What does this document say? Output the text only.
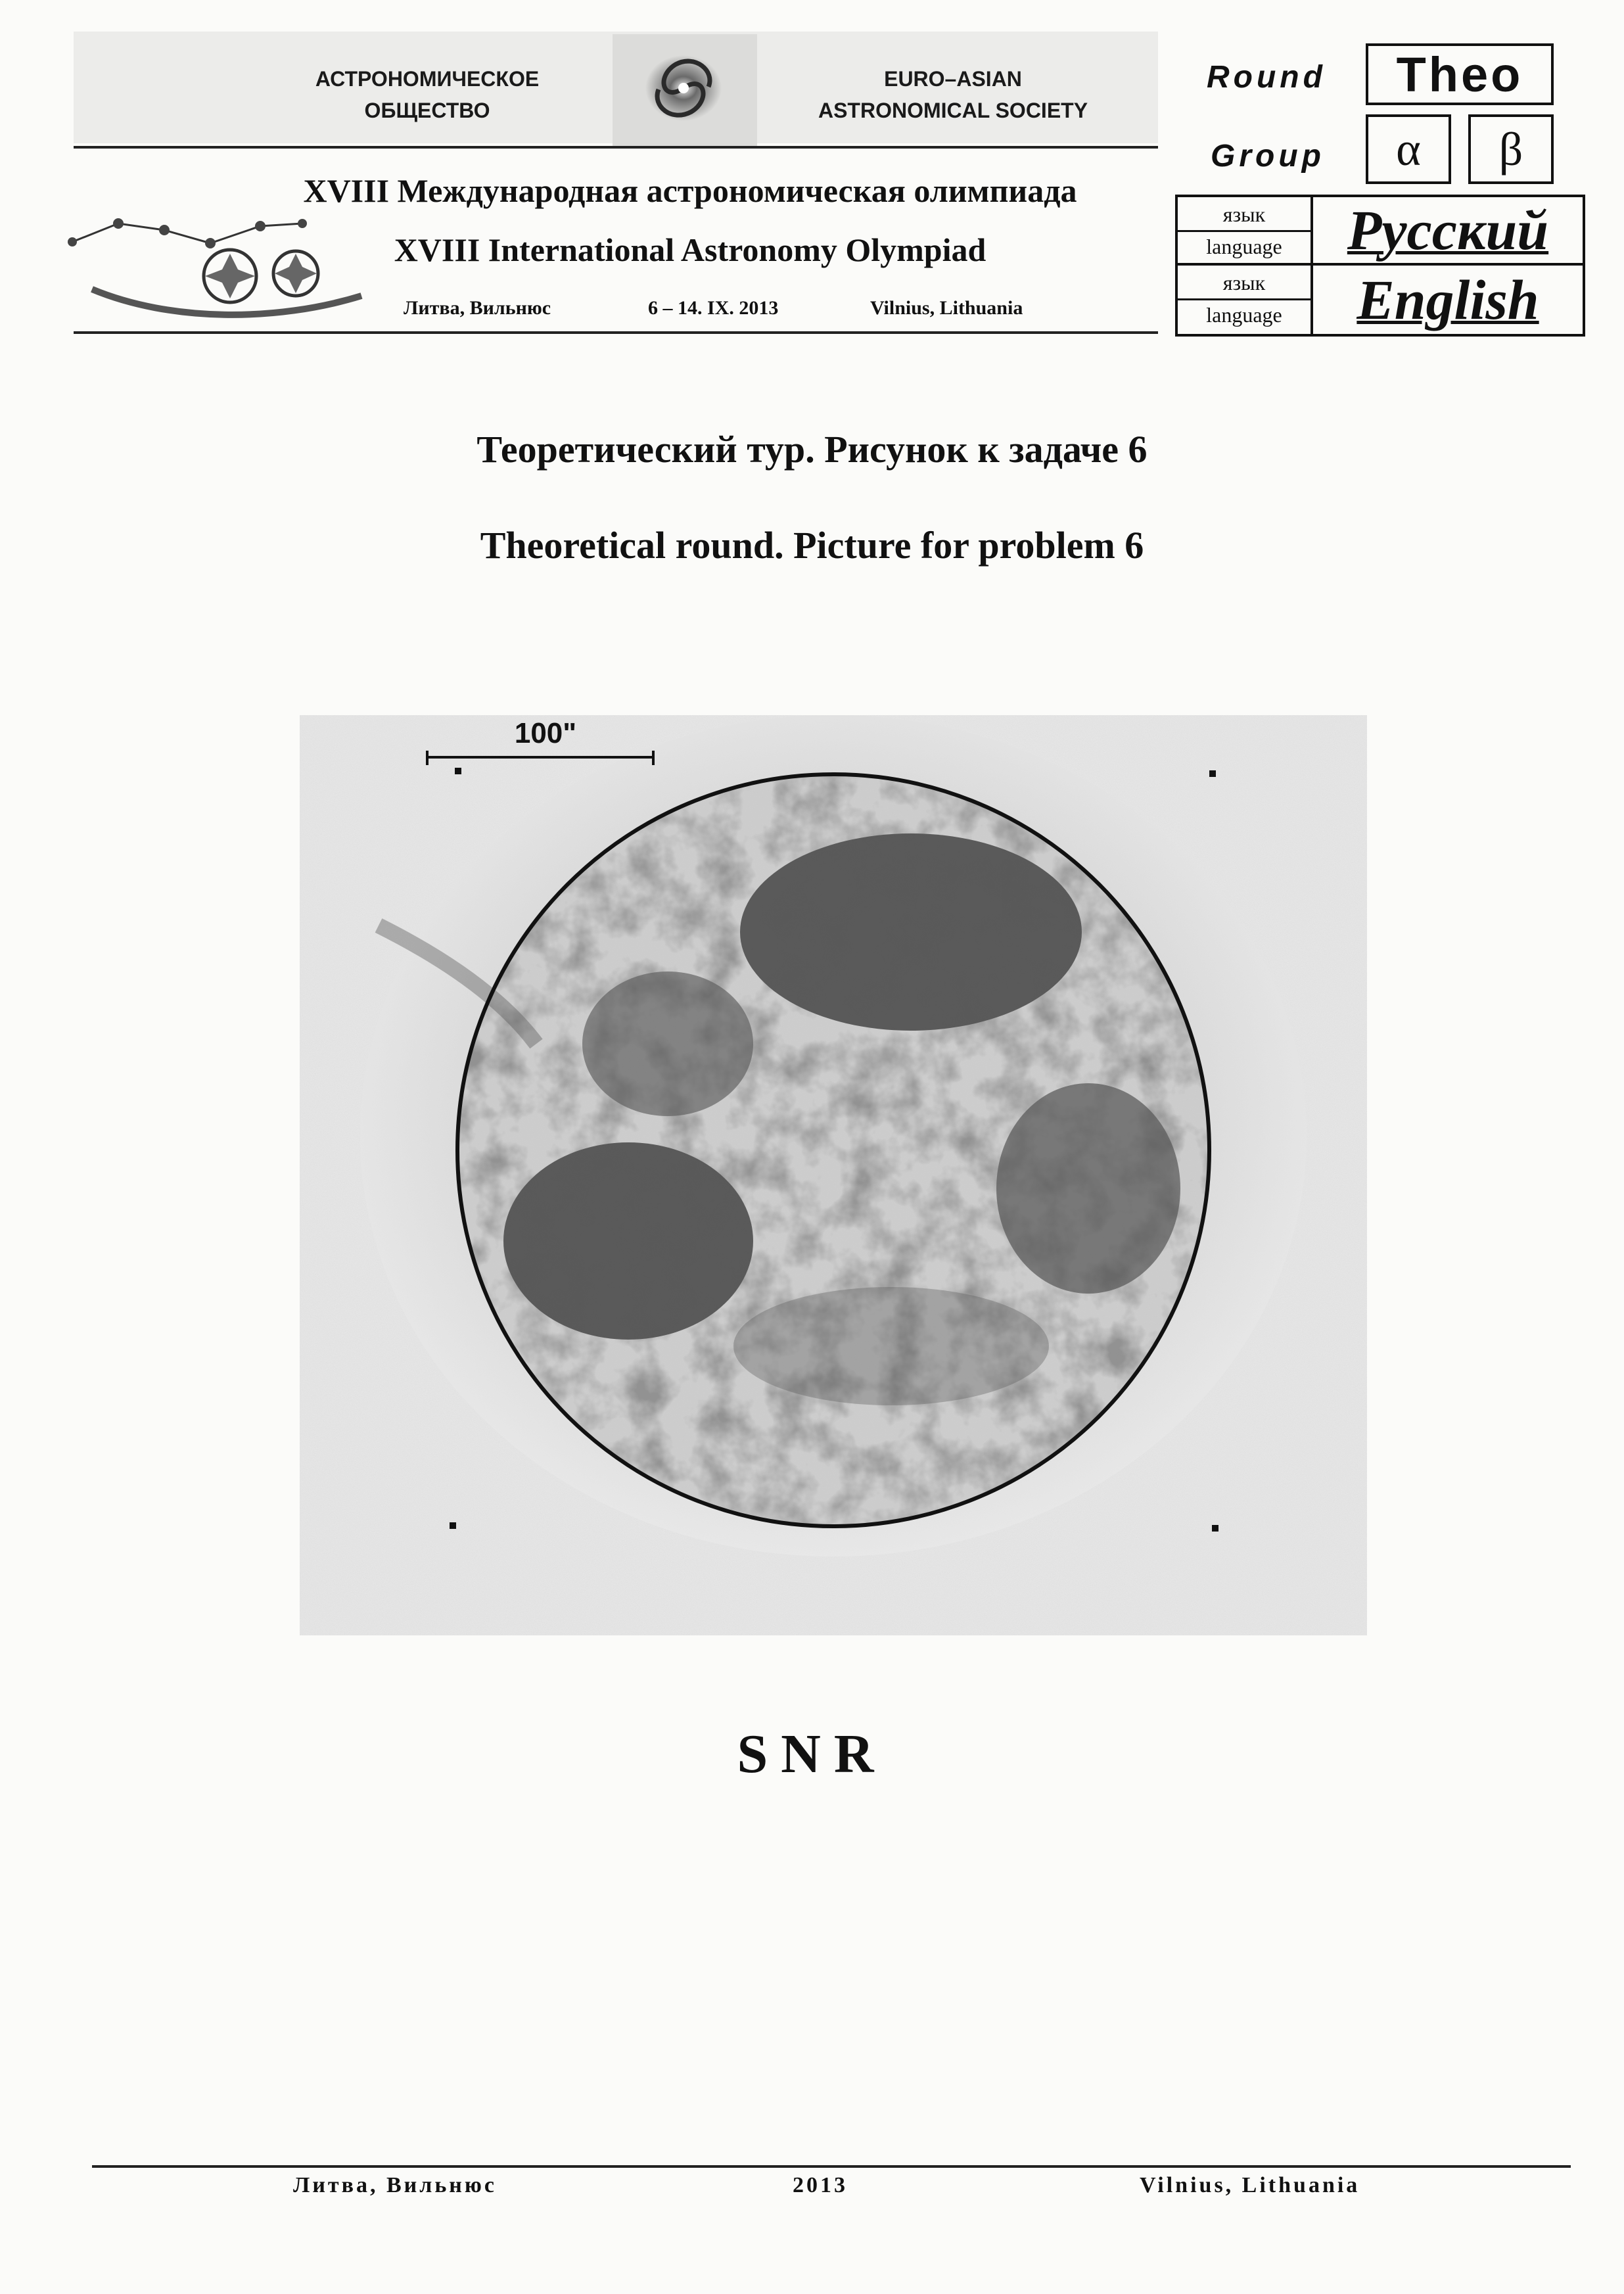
АСТРОНОМИЧЕСКОЕ
ОБЩЕСТВО
EURO–ASIAN
ASTRONOMICAL SOCIETY
XVIII Международная астрономическая олимпиада
XVIII International Astronomy Olympiad
Литва, Вильнюс	6 – 14. IX. 2013	Vilnius, Lithuania
Round	Theo
Group	α	β
язык
language	Русский
язык
language	English
Теоретический тур. Рисунок к задаче 6
Theoretical round. Picture for problem 6
100"
SNR
Литва, Вильнюс	2013	Vilnius, Lithuania
